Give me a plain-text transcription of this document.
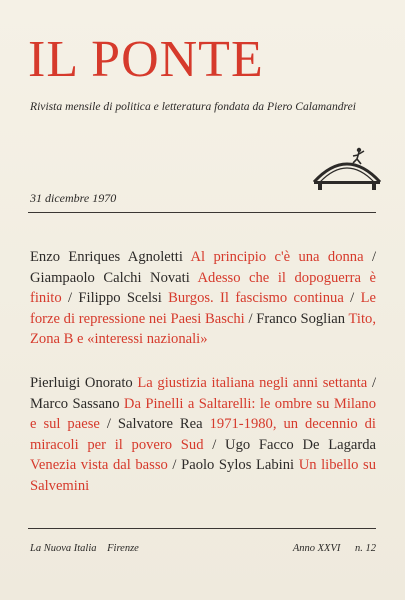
IL PONTE
Rivista mensile di politica e letteratura fondata da Piero Calamandrei
31 dicembre 1970
Enzo Enriques Agnoletti Al principio c'è una donna / Giampaolo Calchi Novati Adesso che il dopoguerra è finito / Filippo Scelsi Burgos. Il fascismo continua / Le forze di repressione nei Paesi Baschi / Franco Soglian Tito, Zona B e «interessi nazionali»
Pierluigi Onorato La giustizia italiana negli anni settanta / Marco Sassano Da Pinelli a Saltarelli: le ombre su Milano e sul paese / Salvatore Rea 1971-1980, un decennio di miracoli per il povero Sud / Ugo Facco De Lagarda Venezia vista dal basso / Paolo Sylos Labini Un libello su Salvemini
La Nuova Italia Firenze	Anno XXVI n. 12
